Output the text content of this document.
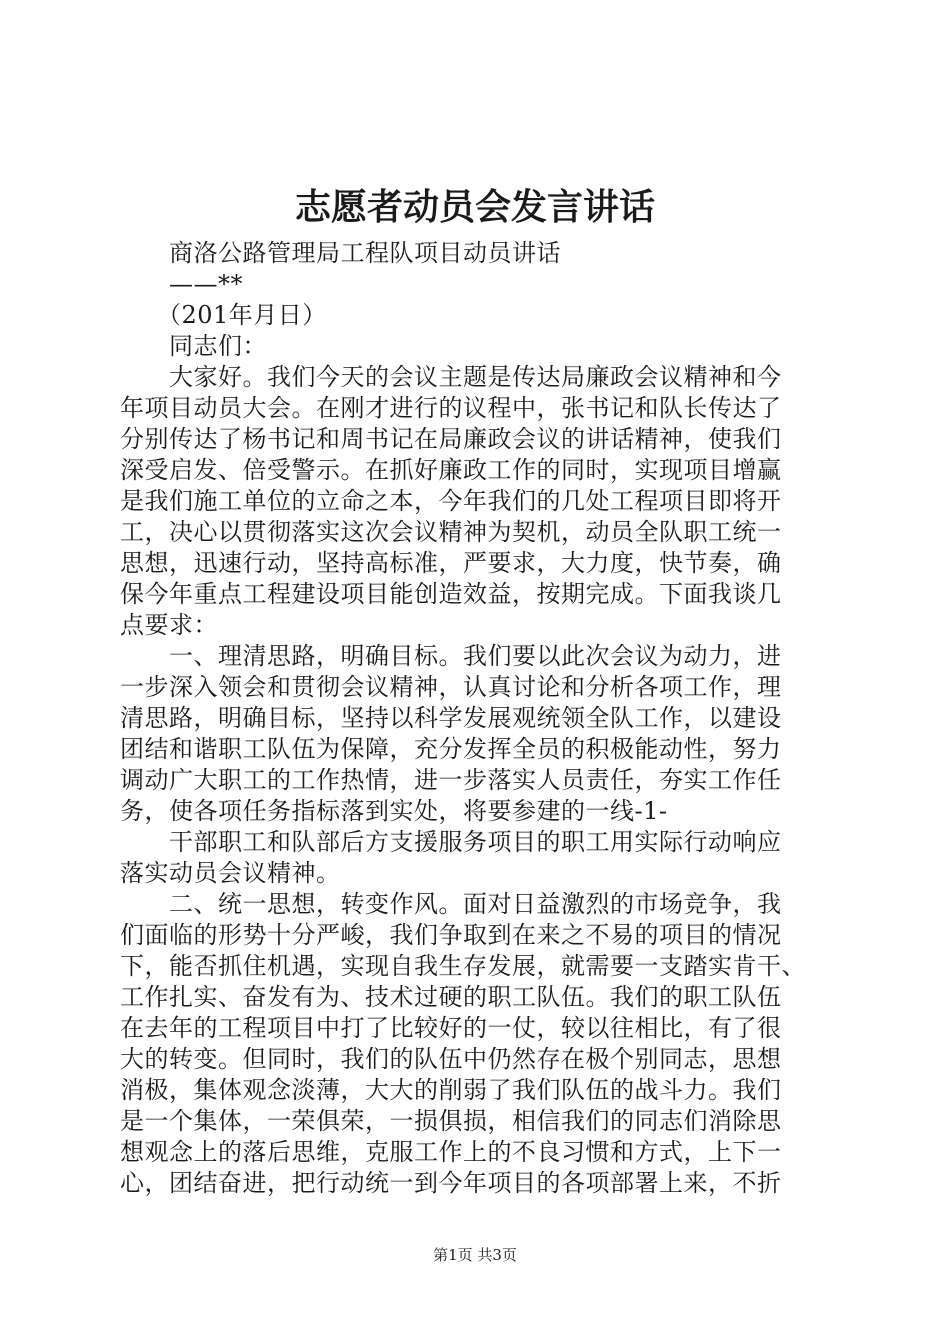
志愿者动员会发言讲话
　　商洛公路管理局工程队项目动员讲话
　　——**
　　（201年月日）
　　同志们：
　　大家好。我们今天的会议主题是传达局廉政会议精神和今
年项目动员大会。在刚才进行的议程中，张书记和队长传达了
分别传达了杨书记和周书记在局廉政会议的讲话精神，使我们
深受启发、倍受警示。在抓好廉政工作的同时，实现项目增赢
是我们施工单位的立命之本，今年我们的几处工程项目即将开
工，决心以贯彻落实这次会议精神为契机，动员全队职工统一
思想，迅速行动，坚持高标准，严要求，大力度，快节奏，确
保今年重点工程建设项目能创造效益，按期完成。下面我谈几
点要求：
　　一、理清思路，明确目标。我们要以此次会议为动力，进
一步深入领会和贯彻会议精神，认真讨论和分析各项工作，理
清思路，明确目标，坚持以科学发展观统领全队工作，以建设
团结和谐职工队伍为保障，充分发挥全员的积极能动性，努力
调动广大职工的工作热情，进一步落实人员责任，夯实工作任
务，使各项任务指标落到实处，将要参建的一线-1-
　　干部职工和队部后方支援服务项目的职工用实际行动响应
落实动员会议精神。
　　二、统一思想，转变作风。面对日益激烈的市场竞争，我
们面临的形势十分严峻，我们争取到在来之不易的项目的情况
下，能否抓住机遇，实现自我生存发展，就需要一支踏实肯干、
工作扎实、奋发有为、技术过硬的职工队伍。我们的职工队伍
在去年的工程项目中打了比较好的一仗，较以往相比，有了很
大的转变。但同时，我们的队伍中仍然存在极个别同志，思想
消极，集体观念淡薄，大大的削弱了我们队伍的战斗力。我们
是一个集体，一荣俱荣，一损俱损，相信我们的同志们消除思
想观念上的落后思维，克服工作上的不良习惯和方式，上下一
心，团结奋进，把行动统一到今年项目的各项部署上来，不折
第1页 共3页
